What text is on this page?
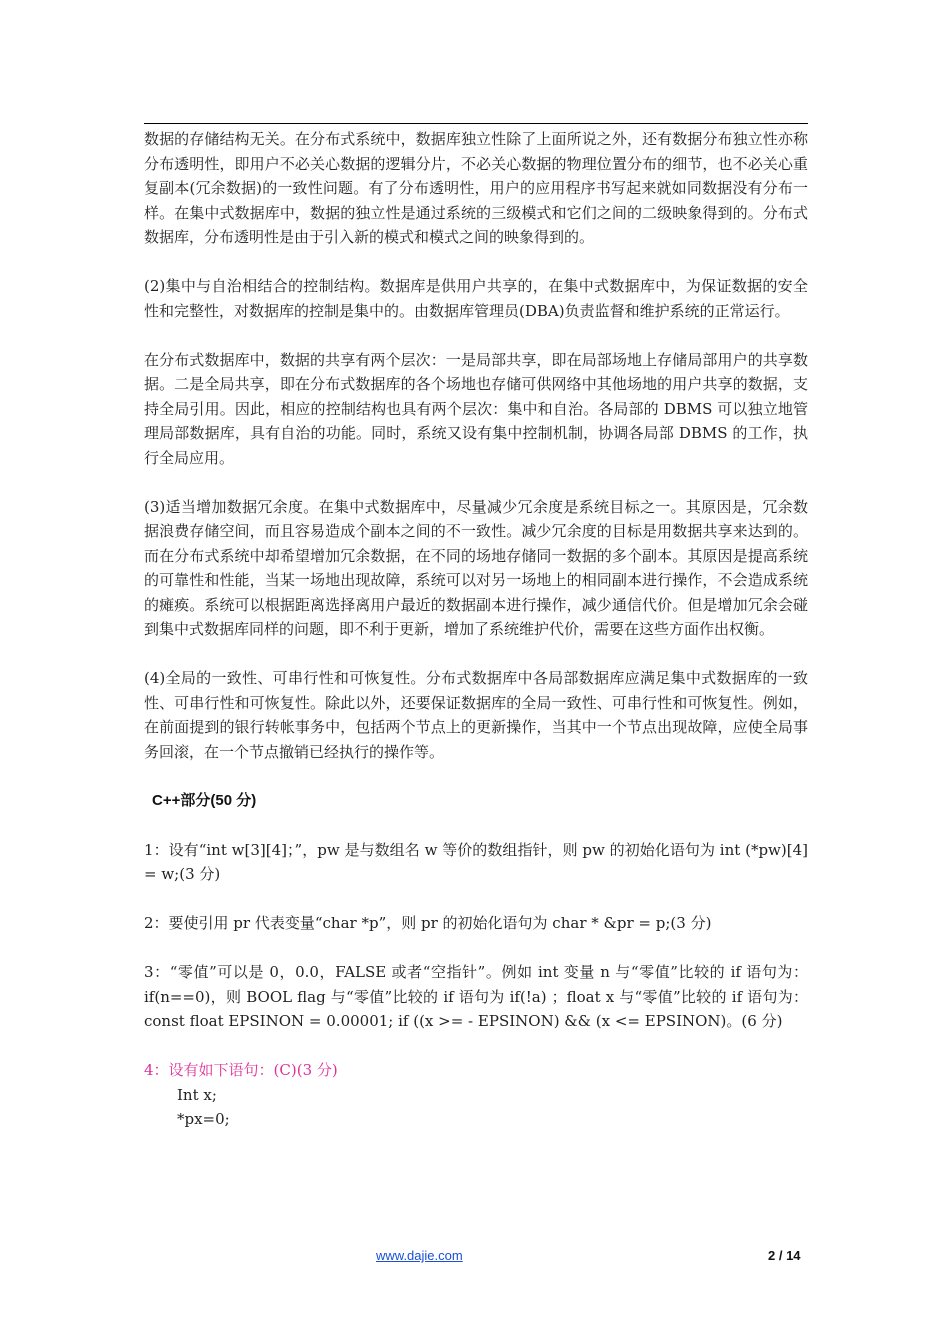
数据的存储结构无关。在分布式系统中，数据库独立性除了上面所说之外，还有数据分布独立性亦称分布透明性，即用户不必关心数据的逻辑分片，不必关心数据的物理位置分布的细节，也不必关心重复副本(冗余数据)的一致性问题。有了分布透明性，用户的应用程序书写起来就如同数据没有分布一样。在集中式数据库中，数据的独立性是通过系统的三级模式和它们之间的二级映象得到的。分布式数据库，分布透明性是由于引入新的模式和模式之间的映象得到的。

(2)集中与自治相结合的控制结构。数据库是供用户共享的，在集中式数据库中，为保证数据的安全性和完整性，对数据库的控制是集中的。由数据库管理员(DBA)负责监督和维护系统的正常运行。

在分布式数据库中，数据的共享有两个层次：一是局部共享，即在局部场地上存储局部用户的共享数据。二是全局共享，即在分布式数据库的各个场地也存储可供网络中其他场地的用户共享的数据，支持全局引用。因此，相应的控制结构也具有两个层次：集中和自治。各局部的 DBMS 可以独立地管理局部数据库，具有自治的功能。同时，系统又设有集中控制机制，协调各局部 DBMS 的工作，执行全局应用。

(3)适当增加数据冗余度。在集中式数据库中，尽量减少冗余度是系统目标之一。其原因是，冗余数据浪费存储空间，而且容易造成个副本之间的不一致性。减少冗余度的目标是用数据共享来达到的。而在分布式系统中却希望增加冗余数据，在不同的场地存储同一数据的多个副本。其原因是提高系统的可靠性和性能，当某一场地出现故障，系统可以对另一场地上的相同副本进行操作，不会造成系统的瘫痪。系统可以根据距离选择离用户最近的数据副本进行操作，减少通信代价。但是增加冗余会碰到集中式数据库同样的问题，即不利于更新，增加了系统维护代价，需要在这些方面作出权衡。

(4)全局的一致性、可串行性和可恢复性。分布式数据库中各局部数据库应满足集中式数据库的一致性、可串行性和可恢复性。除此以外，还要保证数据库的全局一致性、可串行性和可恢复性。例如，在前面提到的银行转帐事务中，包括两个节点上的更新操作，当其中一个节点出现故障，应使全局事务回滚，在一个节点撤销已经执行的操作等。

C++部分(50 分)

1：设有“int w[3][4]；”，pw 是与数组名 w 等价的数组指针，则 pw 的初始化语句为 int (*pw)[4] = w;(3 分)

2：要使引用 pr 代表变量“char *p”，则 pr 的初始化语句为 char * &pr = p;(3 分)

3：“零值”可以是 0，0.0，FALSE 或者“空指针”。例如 int 变量 n 与“零值”比较的 if 语句为：if(n==0)，则 BOOL flag 与“零值”比较的 if 语句为 if(!a) ；float x 与“零值”比较的 if 语句为：const float EPSINON = 0.00001; if ((x >= - EPSINON) && (x <= EPSINON)。(6 分)

4：设有如下语句：(C)(3 分)

Int x;

*px=0;

www.dajie.com	2 / 14
